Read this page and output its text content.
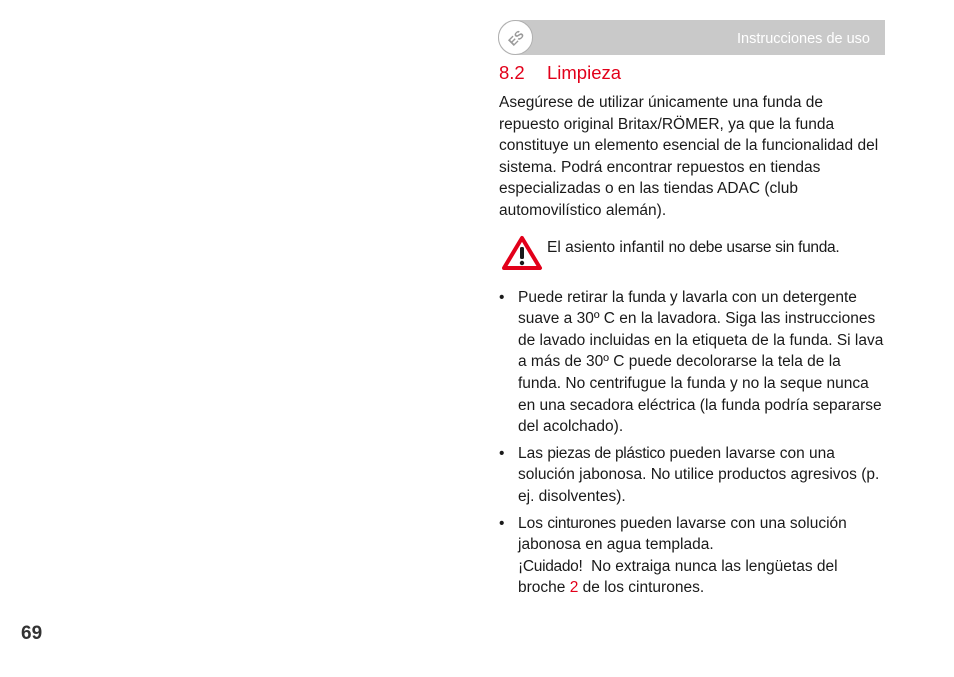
ES	Instrucciones de uso
8.2 Limpieza

Asegúrese de utilizar únicamente una funda de repuesto original Britax/RÖMER, ya que la funda constituye un elemento esencial de la funcionalidad del sistema. Podrá encontrar repuestos en tiendas especializadas o en las tiendas ADAC (club automovilístico alemán).

El asiento infantil no debe usarse sin funda.
• Puede retirar la funda y lavarla con un detergente suave a 30º C en la lavadora. Siga las instrucciones de lavado incluidas en la etiqueta de la funda. Si lava a más de 30º C puede decolorarse la tela de la funda. No centrifugue la funda y no la seque nunca en una secadora eléctrica (la funda podría separarse del acolchado).
• Las piezas de plástico pueden lavarse con una solución jabonosa. No utilice productos agresivos (p. ej. disolventes).
• Los cinturones pueden lavarse con una solución jabonosa en agua templada.
¡Cuidado!  No extraiga nunca las lengüetas del broche 2 de los cinturones.
69
